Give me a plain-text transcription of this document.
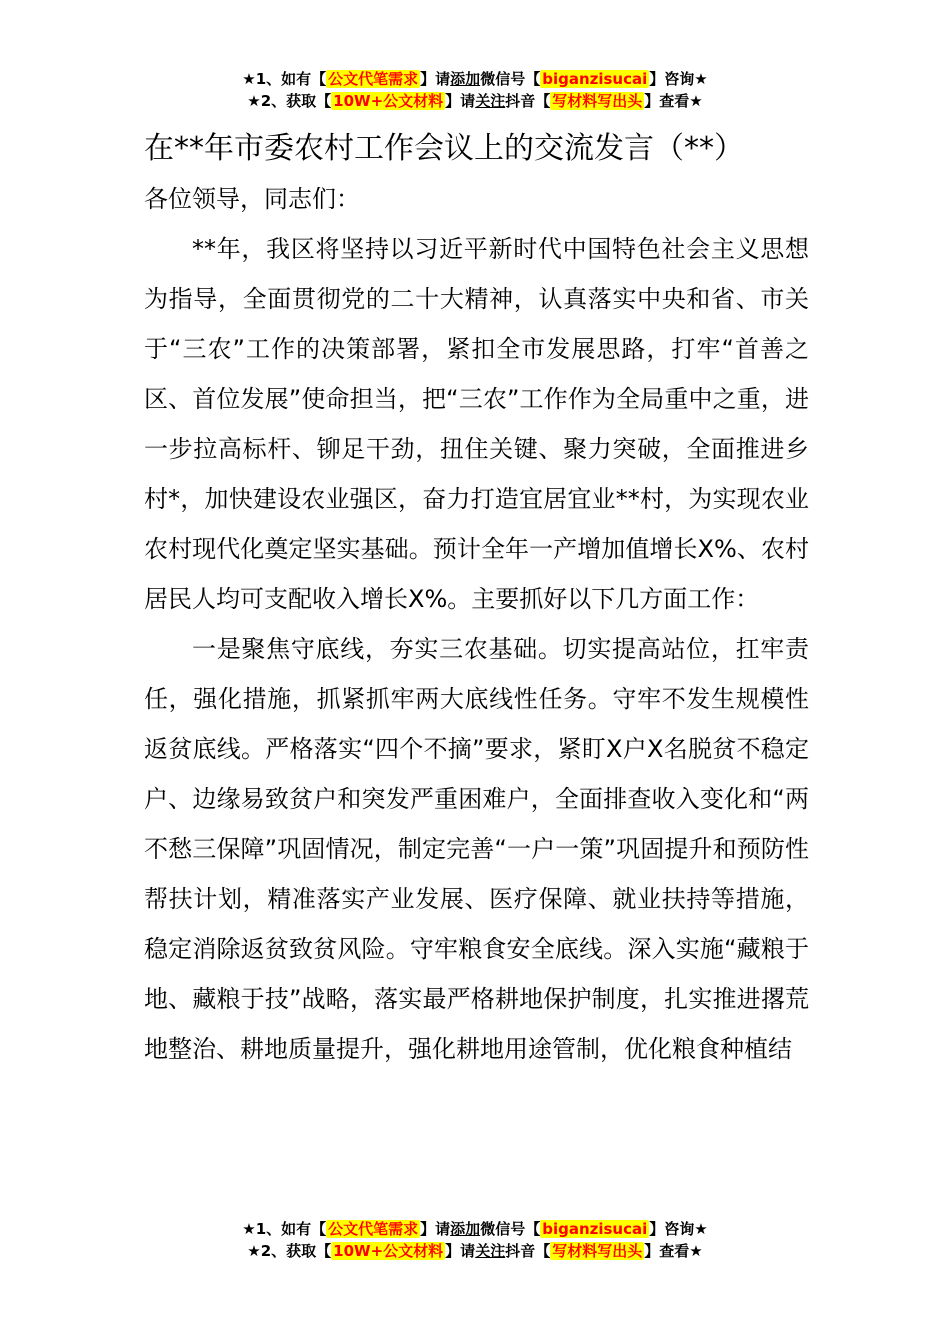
★1、如有【 公文代笔需求 】请添加微信号【 biganzisucai 】咨询★
★2、获取【 10W+公文材料 】请关注抖音【 写材料写出头 】查看★
在**年市委农村工作会议上的交流发言（**）

各位领导，同志们：

**年，我区将坚持以习近平新时代中国特色社会主义思想为指导，全面贯彻党的二十大精神，认真落实中央和省、市关于“三农”工作的决策部署，紧扣全市发展思路，打牢“首善之区、首位发展”使命担当，把“三农”工作作为全局重中之重，进一步拉高标杆、铆足干劲，扭住关键、聚力突破，全面推进乡村*，加快建设农业强区，奋力打造宜居宜业**村，为实现农业农村现代化奠定坚实基础。预计全年一产增加值增长X%、农村居民人均可支配收入增长X%。主要抓好以下几方面工作：

一是聚焦守底线，夯实三农基础。切实提高站位，扛牢责任，强化措施，抓紧抓牢两大底线性任务。守牢不发生规模性返贫底线。严格落实“四个不摘”要求，紧盯X户X名脱贫不稳定户、边缘易致贫户和突发严重困难户，全面排查收入变化和“两不愁三保障”巩固情况，制定完善“一户一策”巩固提升和预防性帮扶计划，精准落实产业发展、医疗保障、就业扶持等措施，稳定消除返贫致贫风险。守牢粮食安全底线。深入实施“藏粮于地、藏粮于技”战略，落实最严格耕地保护制度，扎实推进撂荒地整治、耕地质量提升，强化耕地用途管制，优化粮食种植结

★1、如有【 公文代笔需求 】请添加微信号【 biganzisucai 】咨询★
★2、获取【 10W+公文材料 】请关注抖音【 写材料写出头 】查看★
